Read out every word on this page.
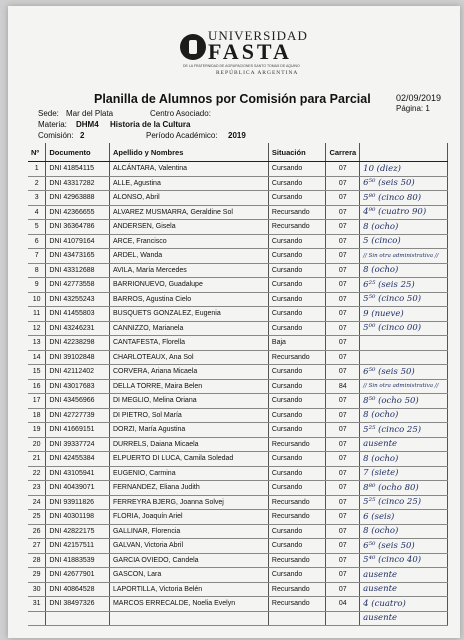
UNIVERSIDAD
FASTA
DE LA FRATERNIDAD DE AGRUPACIONES SANTO TOMAS DE AQUINO
REPÚBLICA ARGENTINA
Planilla de Alumnos por Comisión para Parcial	02/09/2019
Página: 1
Sede: Mar del Plata	Centro Asociado:
Materia: DHM4 Historia de la Cultura
Comisión: 2	Período Académico: 2019
Nº	Documento	Apellido y Nombres	Situación	Carrera	
1	DNI 41854115	ALCÁNTARA, Valentina	Cursando	07	10 (diez)
2	DNI 43317282	ALLE, Agustina	Cursando	07	6⁵⁰ (seis 50)
3	DNI 42963888	ALONSO, Abril	Cursando	07	5⁸⁰ (cinco 80)
4	DNI 42366655	ALVAREZ MUSMARRA, Geraldine Sol	Recursando	07	4⁹⁰ (cuatro 90)
5	DNI 36364786	ANDERSEN, Gisela	Recursando	07	8 (ocho)
6	DNI 41079164	ARCE, Francisco	Cursando	07	5 (cinco)
7	DNI 43473165	ARDEL, Wanda	Cursando	07	// Sin otra administrativa //
8	DNI 43312688	AVILA, María Mercedes	Cursando	07	8 (ocho)
9	DNI 42773558	BARRIONUEVO, Guadalupe	Cursando	07	6²⁵ (seis 25)
10	DNI 43255243	BARROS, Agustina Cielo	Cursando	07	5⁵⁰ (cinco 50)
11	DNI 41455803	BUSQUETS GONZALEZ, Eugenia	Cursando	07	9 (nueve)
12	DNI 43246231	CANNIZZO, Marianela	Cursando	07	5⁰⁰ (cinco 00)
13	DNI 42238298	CANTAFESTA, Florella	Baja	07	
14	DNI 39102848	CHARLOTEAUX, Ana Sol	Recursando	07	
15	DNI 42112402	CORVERA, Ariana Micaela	Cursando	07	6⁵⁰ (seis 50)
16	DNI 43017683	DELLA TORRE, Maira Belen	Cursando	84	// Sin otra administrativa //
17	DNI 43456966	DI MEGLIO, Melina Oriana	Cursando	07	8⁵⁰ (ocho 50)
18	DNI 42727739	DI PIETRO, Sol María	Cursando	07	8 (ocho)
19	DNI 41669151	DORZI, María Agustina	Cursando	07	5²⁵ (cinco 25)
20	DNI 39337724	DURRELS, Daiana Micaela	Recursando	07	ausente
21	DNI 42455384	ELPUERTO DI LUCA, Camila Soledad	Cursando	07	8 (ocho)
22	DNI 43105941	EUGENIO, Carmina	Cursando	07	7 (siete)
23	DNI 40439071	FERNANDEZ, Eliana Judith	Cursando	07	8⁸⁰ (ocho 80)
24	DNI 93911826	FERREYRA BJERG, Joanna Solvej	Recursando	07	5²⁵ (cinco 25)
25	DNI 40301198	FLORIA, Joaquín Ariel	Recursando	07	6 (seis)
26	DNI 42822175	GALLINAR, Florencia	Cursando	07	8 (ocho)
27	DNI 42157511	GALVAN, Victoria Abril	Cursando	07	6⁵⁰ (seis 50)
28	DNI 41883539	GARCIA OVIEDO, Candela	Recursando	07	5⁴⁰ (cinco 40)
29	DNI 42677901	GASCON, Lara	Cursando	07	ausente
30	DNI 40864528	LAPORTILLA, Victoria Belén	Recursando	07	ausente
31	DNI 38497326	MARCOS ERRECALDE, Noelia Evelyn	Recursando	04	4 (cuatro)
					ausente
